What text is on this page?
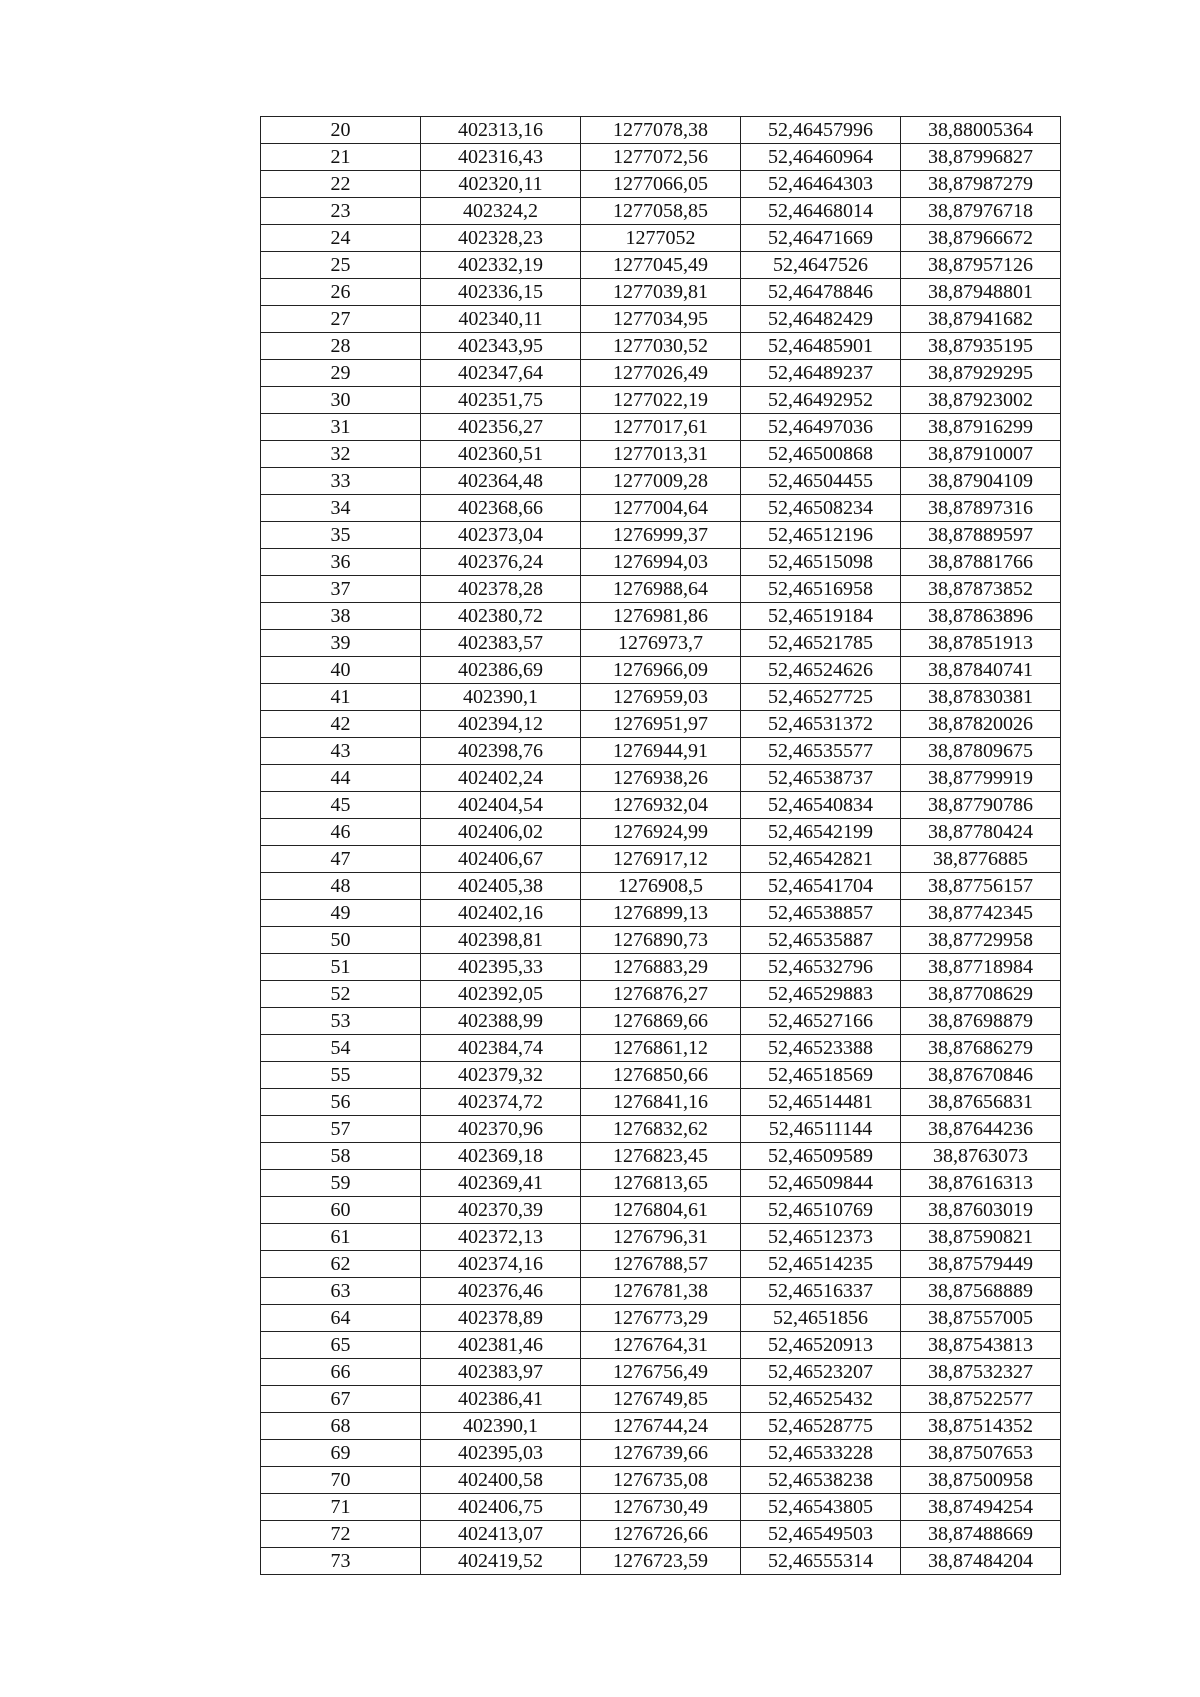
20	402313,16	1277078,38	52,46457996	38,88005364
21	402316,43	1277072,56	52,46460964	38,87996827
22	402320,11	1277066,05	52,46464303	38,87987279
23	402324,2	1277058,85	52,46468014	38,87976718
24	402328,23	1277052	52,46471669	38,87966672
25	402332,19	1277045,49	52,4647526	38,87957126
26	402336,15	1277039,81	52,46478846	38,87948801
27	402340,11	1277034,95	52,46482429	38,87941682
28	402343,95	1277030,52	52,46485901	38,87935195
29	402347,64	1277026,49	52,46489237	38,87929295
30	402351,75	1277022,19	52,46492952	38,87923002
31	402356,27	1277017,61	52,46497036	38,87916299
32	402360,51	1277013,31	52,46500868	38,87910007
33	402364,48	1277009,28	52,46504455	38,87904109
34	402368,66	1277004,64	52,46508234	38,87897316
35	402373,04	1276999,37	52,46512196	38,87889597
36	402376,24	1276994,03	52,46515098	38,87881766
37	402378,28	1276988,64	52,46516958	38,87873852
38	402380,72	1276981,86	52,46519184	38,87863896
39	402383,57	1276973,7	52,46521785	38,87851913
40	402386,69	1276966,09	52,46524626	38,87840741
41	402390,1	1276959,03	52,46527725	38,87830381
42	402394,12	1276951,97	52,46531372	38,87820026
43	402398,76	1276944,91	52,46535577	38,87809675
44	402402,24	1276938,26	52,46538737	38,87799919
45	402404,54	1276932,04	52,46540834	38,87790786
46	402406,02	1276924,99	52,46542199	38,87780424
47	402406,67	1276917,12	52,46542821	38,8776885
48	402405,38	1276908,5	52,46541704	38,87756157
49	402402,16	1276899,13	52,46538857	38,87742345
50	402398,81	1276890,73	52,46535887	38,87729958
51	402395,33	1276883,29	52,46532796	38,87718984
52	402392,05	1276876,27	52,46529883	38,87708629
53	402388,99	1276869,66	52,46527166	38,87698879
54	402384,74	1276861,12	52,46523388	38,87686279
55	402379,32	1276850,66	52,46518569	38,87670846
56	402374,72	1276841,16	52,46514481	38,87656831
57	402370,96	1276832,62	52,46511144	38,87644236
58	402369,18	1276823,45	52,46509589	38,8763073
59	402369,41	1276813,65	52,46509844	38,87616313
60	402370,39	1276804,61	52,46510769	38,87603019
61	402372,13	1276796,31	52,46512373	38,87590821
62	402374,16	1276788,57	52,46514235	38,87579449
63	402376,46	1276781,38	52,46516337	38,87568889
64	402378,89	1276773,29	52,4651856	38,87557005
65	402381,46	1276764,31	52,46520913	38,87543813
66	402383,97	1276756,49	52,46523207	38,87532327
67	402386,41	1276749,85	52,46525432	38,87522577
68	402390,1	1276744,24	52,46528775	38,87514352
69	402395,03	1276739,66	52,46533228	38,87507653
70	402400,58	1276735,08	52,46538238	38,87500958
71	402406,75	1276730,49	52,46543805	38,87494254
72	402413,07	1276726,66	52,46549503	38,87488669
73	402419,52	1276723,59	52,46555314	38,87484204
